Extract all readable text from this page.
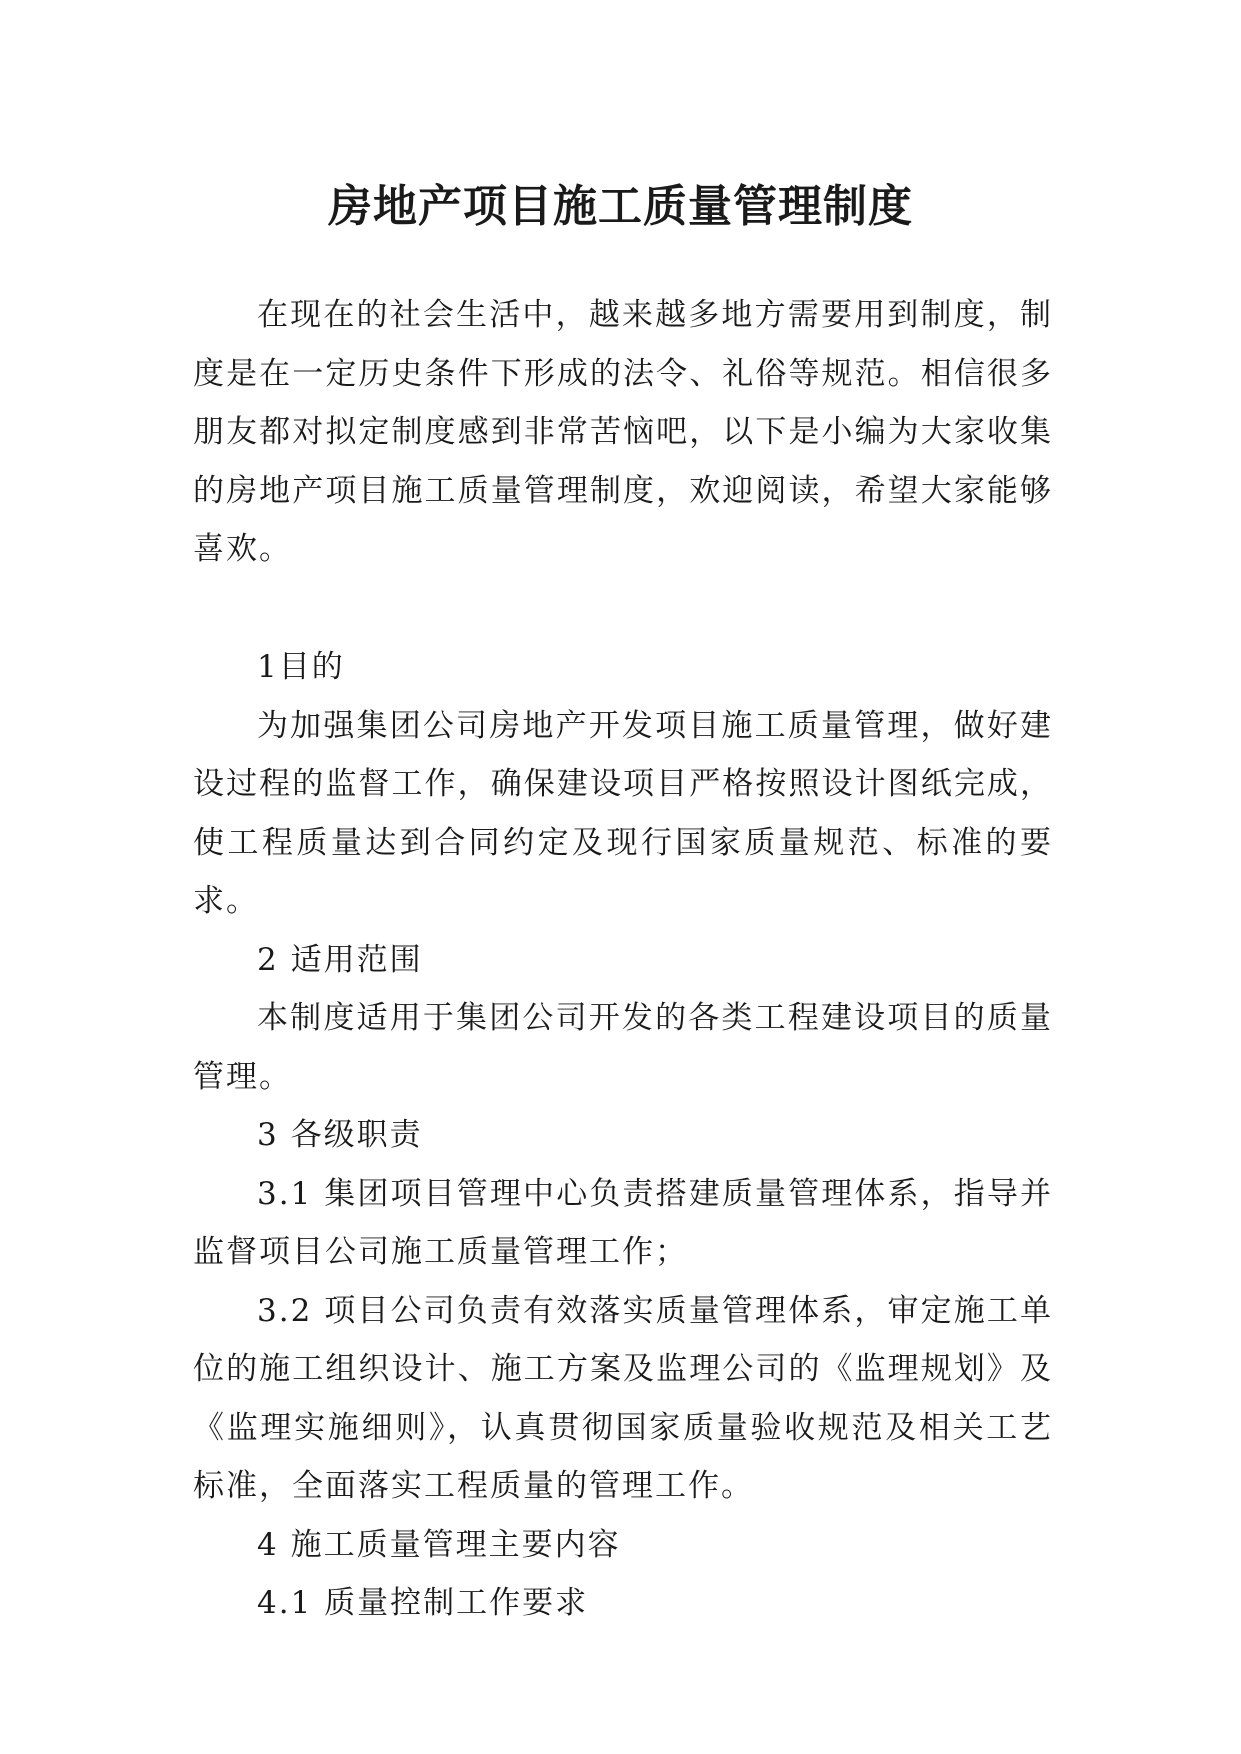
房地产项目施工质量管理制度

在现在的社会生活中，越来越多地方需要用到制度，制度是在一定历史条件下形成的法令、礼俗等规范。相信很多朋友都对拟定制度感到非常苦恼吧，以下是小编为大家收集的房地产项目施工质量管理制度，欢迎阅读，希望大家能够喜欢。

1目的

为加强集团公司房地产开发项目施工质量管理，做好建设过程的监督工作，确保建设项目严格按照设计图纸完成，使工程质量达到合同约定及现行国家质量规范、标准的要求。

2 适用范围

本制度适用于集团公司开发的各类工程建设项目的质量管理。

3 各级职责

3.1 集团项目管理中心负责搭建质量管理体系，指导并监督项目公司施工质量管理工作；

3.2 项目公司负责有效落实质量管理体系，审定施工单位的施工组织设计、施工方案及监理公司的《监理规划》及《监理实施细则》，认真贯彻国家质量验收规范及相关工艺标准，全面落实工程质量的管理工作。

4 施工质量管理主要内容

4.1 质量控制工作要求
